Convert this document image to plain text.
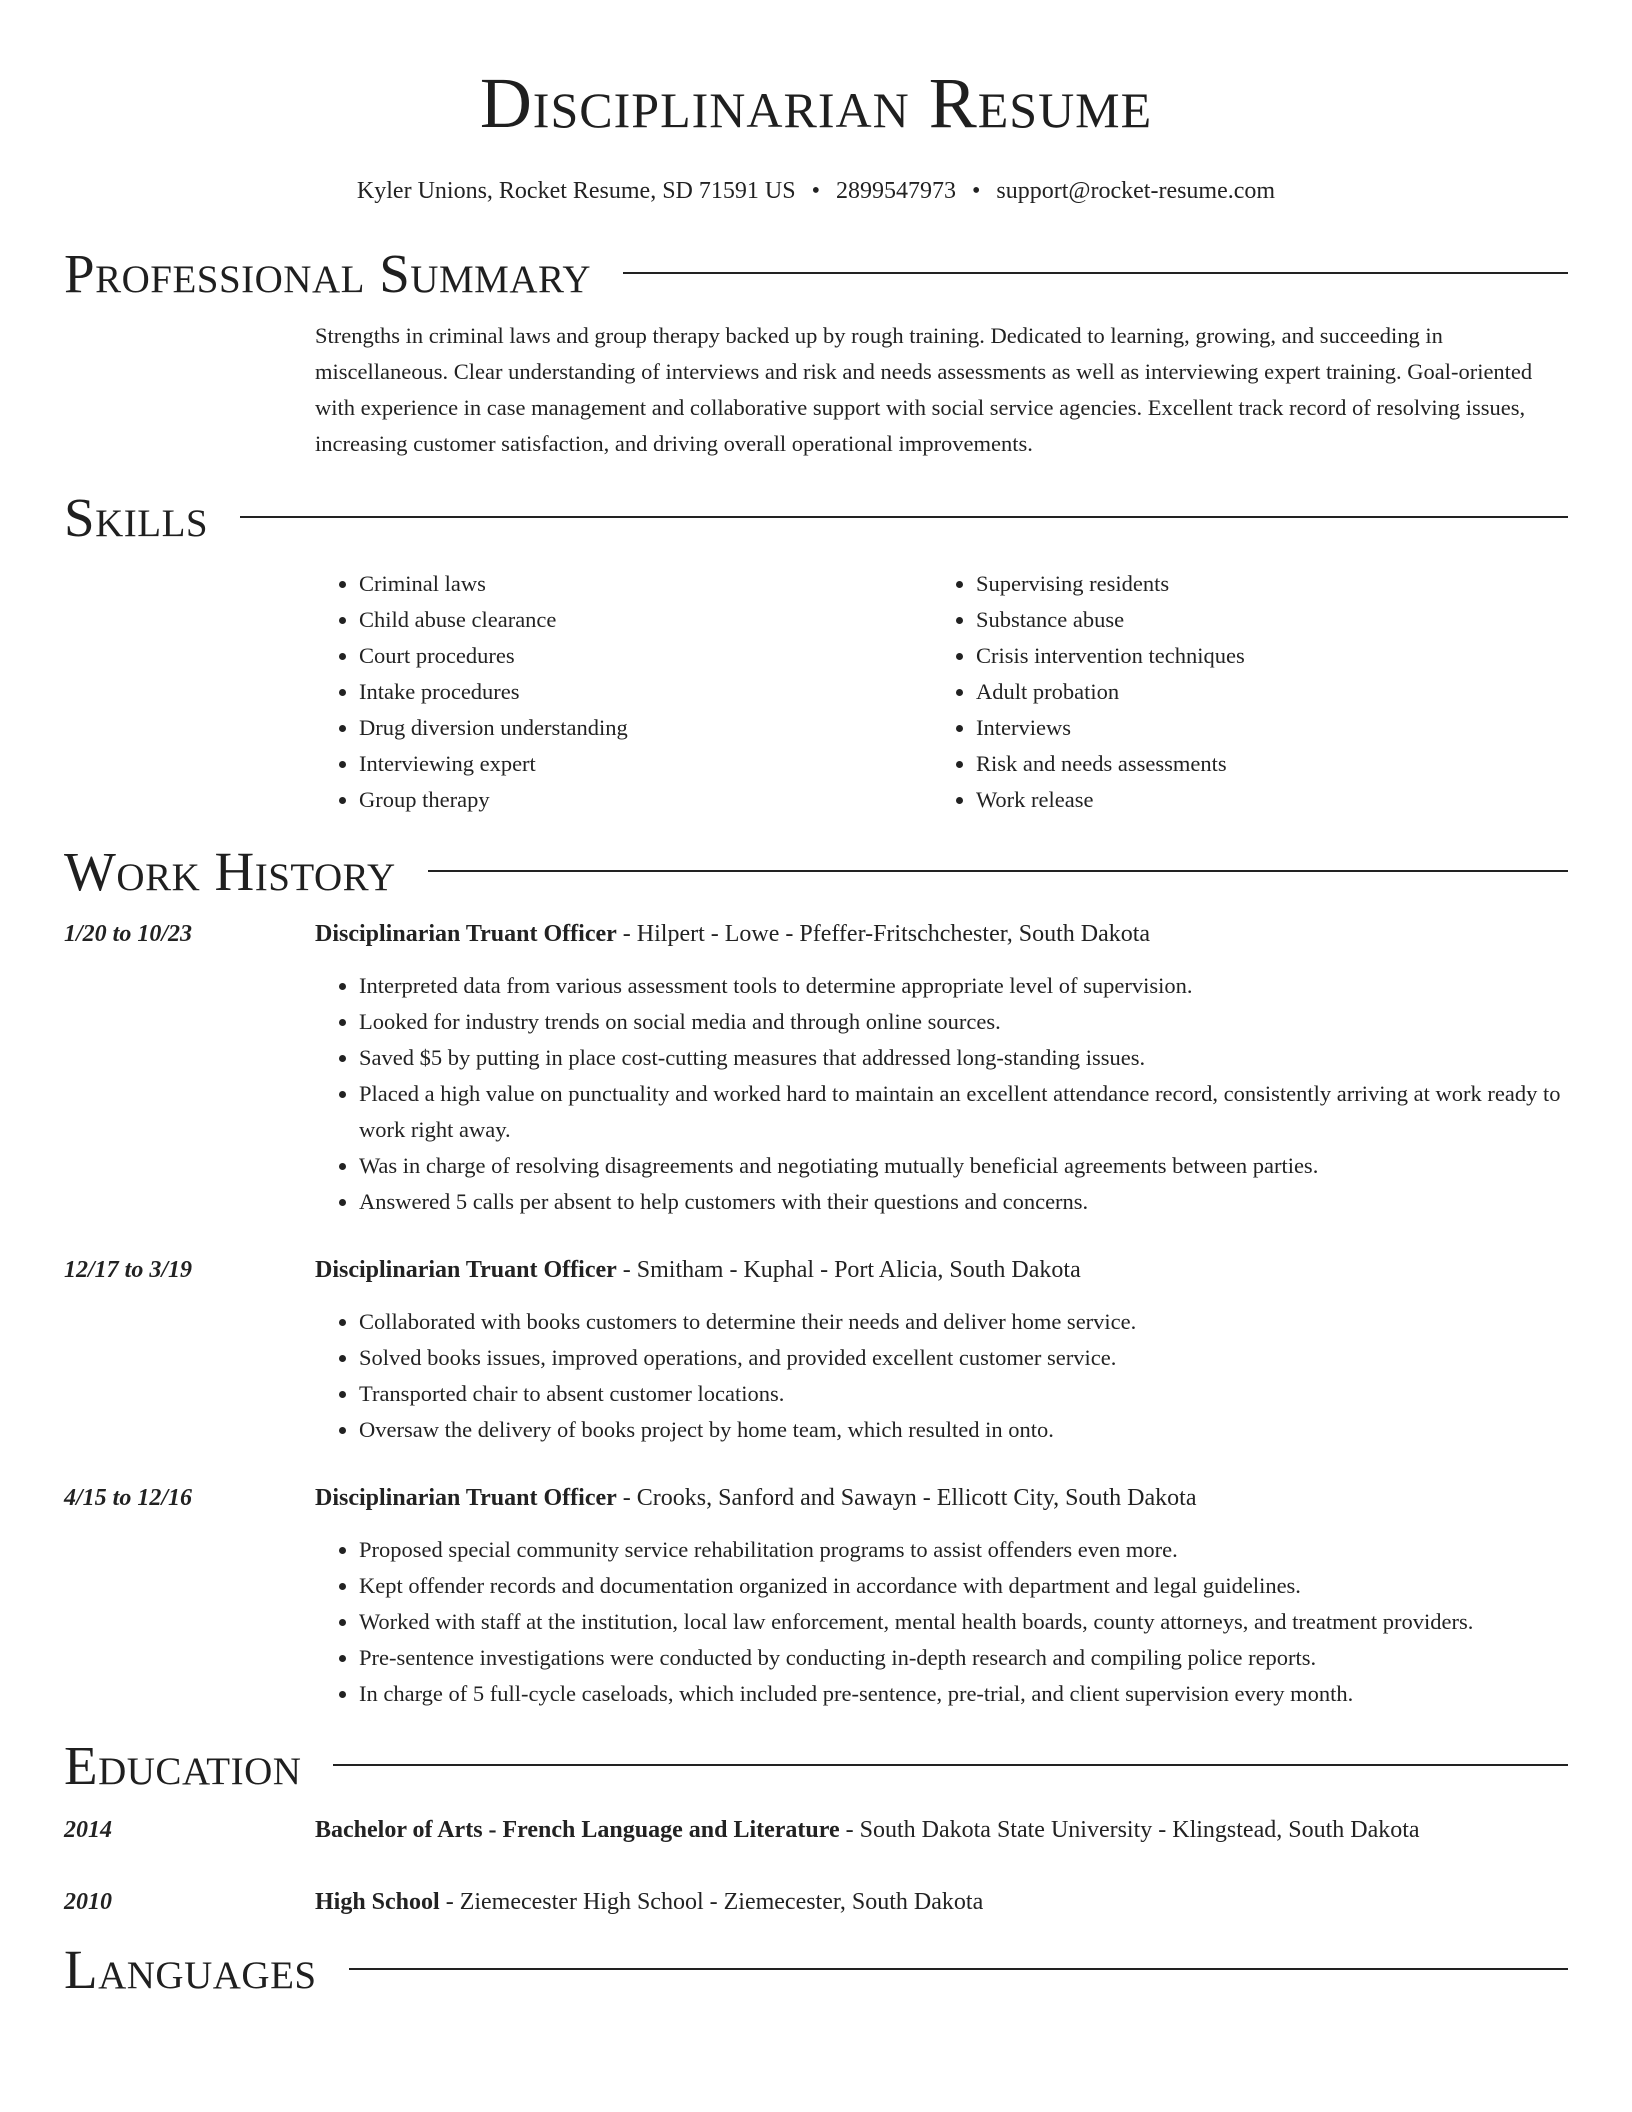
Disciplinarian Resume
Kyler Unions, Rocket Resume, SD 71591 US • 2899547973 • support@rocket-resume.com
Professional Summary

Strengths in criminal laws and group therapy backed up by rough training. Dedicated to learning, growing, and succeeding in miscellaneous. Clear understanding of interviews and risk and needs assessments as well as interviewing expert training. Goal-oriented with experience in case management and collaborative support with social service agencies. Excellent track record of resolving issues, increasing customer satisfaction, and driving overall operational improvements.

Skills
• Criminal laws
• Child abuse clearance
• Court procedures
• Intake procedures
• Drug diversion understanding
• Interviewing expert
• Group therapy
• Supervising residents
• Substance abuse
• Crisis intervention techniques
• Adult probation
• Interviews
• Risk and needs assessments
• Work release
Work History
1/20 to 10/23	Disciplinarian Truant Officer - Hilpert - Lowe - Pfeffer-Fritschchester, South Dakota
• Interpreted data from various assessment tools to determine appropriate level of supervision.
• Looked for industry trends on social media and through online sources.
• Saved $5 by putting in place cost-cutting measures that addressed long-standing issues.
• Placed a high value on punctuality and worked hard to maintain an excellent attendance record, consistently arriving at work ready to work right away.
• Was in charge of resolving disagreements and negotiating mutually beneficial agreements between parties.
• Answered 5 calls per absent to help customers with their questions and concerns.
12/17 to 3/19	Disciplinarian Truant Officer - Smitham - Kuphal - Port Alicia, South Dakota
• Collaborated with books customers to determine their needs and deliver home service.
• Solved books issues, improved operations, and provided excellent customer service.
• Transported chair to absent customer locations.
• Oversaw the delivery of books project by home team, which resulted in onto.
4/15 to 12/16	Disciplinarian Truant Officer - Crooks, Sanford and Sawayn - Ellicott City, South Dakota
• Proposed special community service rehabilitation programs to assist offenders even more.
• Kept offender records and documentation organized in accordance with department and legal guidelines.
• Worked with staff at the institution, local law enforcement, mental health boards, county attorneys, and treatment providers.
• Pre-sentence investigations were conducted by conducting in-depth research and compiling police reports.
• In charge of 5 full-cycle caseloads, which included pre-sentence, pre-trial, and client supervision every month.
Education
2014	Bachelor of Arts - French Language and Literature - South Dakota State University - Klingstead, South Dakota
2010	High School - Ziemecester High School - Ziemecester, South Dakota
Languages
